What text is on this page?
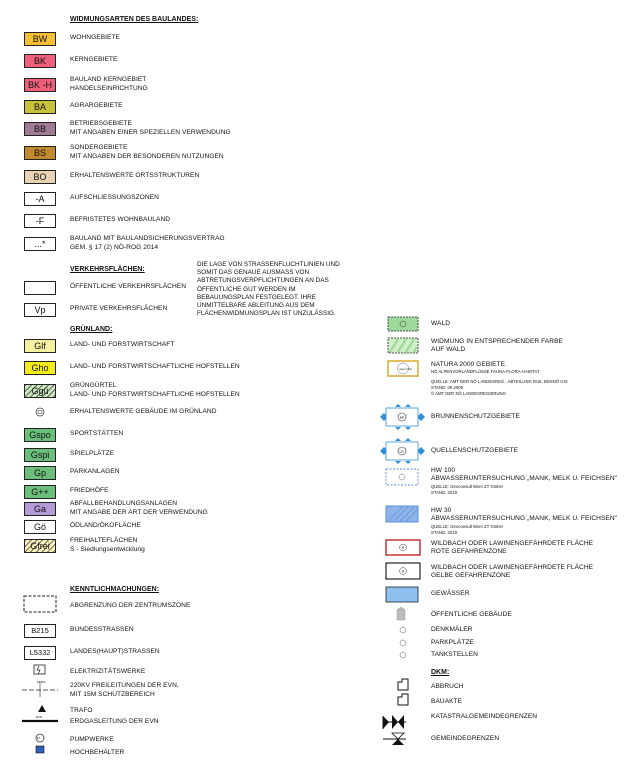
WIDMUNGSARTEN DES BAULANDES:
BW	WOHNGEBIETE
BK	KERNGEBIETE
BK -H
BAULAND KERNGEBIET
HANDELSEINRICHTUNG
BA	AGRARGEBIETE
BB
BETRIEBSGEBIETE
MIT ANGABEN EINER SPEZIELLEN VERWENDUNG
BS
SONDERGEBIETE
MIT ANGABEN DER BESONDEREN NUTZUNGEN
BO	ERHALTENSWERTE ORTSSTRUKTUREN
-A	AUFSCHLIESSUNGSZONEN
-F	BEFRISTETES WOHNBAULAND
...*
BAULAND MIT BAULANDSICHERUNGSVERTRAG
GEM. § 17 (2) NÖ-ROG 2014
VERKEHRSFLÄCHEN:
ÖFFENTLICHE VERKEHRSFLÄCHEN
Vp	PRIVATE VERKEHRSFLÄCHEN
DIE LAGE VON STRASSENFLUCHTLINIEN UND
SOMIT DAS GENAUE AUSMASS VON
ABTRETUNGSVERPFLICHTUNGEN AN DAS
ÖFFENTLICHE GUT WERDEN IM
BEBAUUNGSPLAN FESTGELEGT. IHRE
UNMITTELBARE ABLEITUNG AUS DEM
FLÄCHENWIDMUNGSPLAN IST UNZULÄSSIG.
GRÜNLAND:
Glf	LAND- UND FORSTWIRTSCHAFT
Gho	LAND- UND FORSTWIRTSCHAFTLICHE HOFSTELLEN
Ggü
GRÜNGÜRTEL
LAND- UND FORSTWIRTSCHAFTLICHE HOFSTELLEN
ERHALTENSWERTE GEBÄUDE IM GRÜNLAND
Gspo	SPORTSTÄTTEN
Gspi	SPIELPLÄTZE
Gp	PARKANLAGEN
G++	FRIEDHÖFE
Ga
ABFALLBEHANDLUNGSANLAGEN
MIT ANGABE DER ART DER VERWENDUNG
Gö	ÖDLAND/ÖKOFLÄCHE
Gfrei
FREIHALTEFLÄCHEN
S - Siedlungsentwicklung
KENNTLICHMACHUNGEN:
ABGRENZUNG DER ZENTRUMSZONE
B215	BUNDESSTRASSEN
L5332	LANDES(HAUPT)STRASSEN
ELEKTRIZITÄTSWERKE
220KV FREILEITUNGEN DER EVN,
MIT 15M SCHUTZBEREICH
TRAFO
ERDGASLEITUNG DER EVN
PUMPWERKE
HOCHBEHÄLTER
220kV
EVN
P
natura 2000
BR
QU
R
G
WALD
WIDMUNG IN ENTSPRECHENDER FARBE
AUF WALD
NATURA 2000 GEBIETE
NÖ ALPENVORLANDFLÜSSE FAUNA-FLORA-HABITAT
QUELLE: AMT DER NÖ LANDESREG., ABTEILUNG RU6, BDSNÖ GIS
STAND: 09.2009
© AMT DER NÖ LANDESREGIERUNG
BRUNNENSCHUTZGEBIETE
QUELLENSCHUTZGEBIETE
HW 100
ABWASSERUNTERSUCHUNG „MANK, MELK U. FEICHSEN“
QUELLE: Geoconsult Wien ZT GmbH
STAND: 2010
HW 30
ABWASSERUNTERSUCHUNG „MANK, MELK U. FEICHSEN“
QUELLE: Geoconsult Wien ZT GmbH
STAND: 2010
WILDBACH ODER LAWINENGEFÄHRDETE FLÄCHE
ROTE GEFAHRENZONE
WILDBACH ODER LAWINENGEFÄHRDETE FLÄCHE
GELBE GEFAHRENZONE
GEWÄSSER
ÖFFENTLICHE GEBÄUDE
DENKMÄLER
PARKPLÄTZE
TANKSTELLEN
DKM:
ABBRUCH
BAUAKTE
KATASTRALGEMEINDEGRENZEN
GEMEINDEGRENZEN
